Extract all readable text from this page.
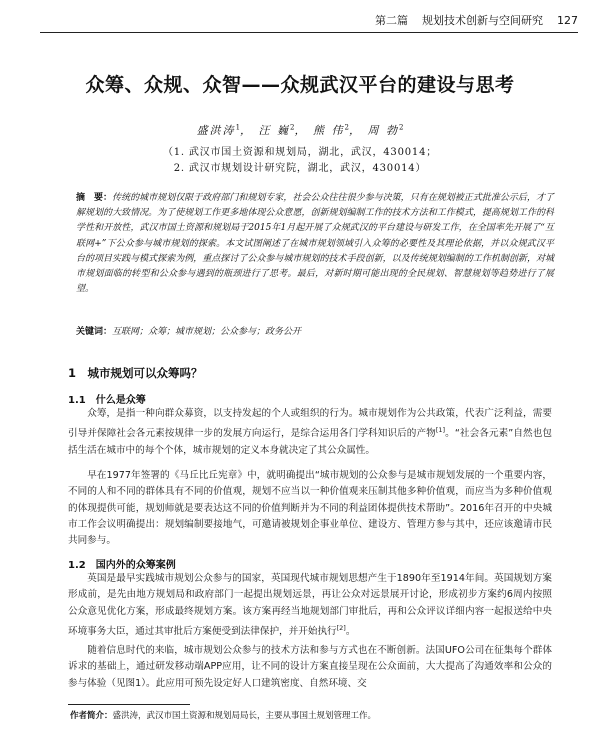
第二篇 规划技术创新与空间研究 127
众筹、众规、众智——众规武汉平台的建设与思考
盛洪涛$^1$， 汪 巍$^2$， 熊 伟$^2$， 周 勃$^2$
（1. 武汉市国土资源和规划局，湖北，武汉，430014；
2. 武汉市规划设计研究院，湖北，武汉，430014）
摘　要：传统的城市规划仅限于政府部门和规划专家，社会公众往往很少参与决策，只有在规划被正式批准公示后，才了解规划的大致情况。为了使规划工作更多地体现公众意愿，创新规划编制工作的技术方法和工作模式，提高规划工作的科学性和开放性，武汉市国土资源和规划局于2015年1月起开展了众规武汉的平台建设与研发工作，在全国率先开展了“互联网+”下公众参与城市规划的探索。本文试图阐述了在城市规划领域引入众筹的必要性及其理论依据，并以众规武汉平台的项目实践与模式探索为例，重点探讨了公众参与城市规划的技术手段创新，以及传统规划编制的工作机制创新，对城市规划面临的转型和公众参与遇到的瓶颈进行了思考。最后，对新时期可能出现的全民规划、智慧规划等趋势进行了展望。
关键词：互联网；众筹；城市规划；公众参与；政务公开
1　城市规划可以众筹吗？
1.1　什么是众筹
众筹，是指一种向群众募资，以支持发起的个人或组织的行为。城市规划作为公共政策，代表广泛利益，需要引导并保障社会各元素按规律一步的发展方向运行，是综合运用各门学科知识后的产物[1]。“社会各元素”自然也包括生活在城市中的每个个体，城市规划的定义本身就决定了其公众属性。
早在1977年签署的《马丘比丘宪章》中，就明确提出“城市规划的公众参与是城市规划发展的一个重要内容，不同的人和不同的群体具有不同的价值观，规划不应当以一种价值观来压制其他多种价值观，而应当为多种价值观的体现提供可能，规划师就是要表达这不同的价值判断并为不同的利益团体提供技术帮助”。2016年召开的中央城市工作会议明确提出：规划编制要接地气，可邀请被规划企事业单位、建设方、管理方参与其中，还应该邀请市民共同参与。
1.2　国内外的众筹案例
英国是最早实践城市规划公众参与的国家，英国现代城市规划思想产生于1890年至1914年间。英国规划方案形成前，是先由地方规划局和政府部门一起提出规划远景，再让公众对远景展开讨论，形成初步方案约6周内按照公众意见优化方案，形成最终规划方案。该方案再经当地规划部门审批后，再和公众评议详细内容一起报送给中央环境事务大臣，通过其审批后方案便受到法律保护，并开始执行[2]。
随着信息时代的来临，城市规划公众参与的技术方法和参与方式也在不断创新。法国UFO公司在征集每个群体诉求的基础上，通过研发移动端APP应用，让不同的设计方案直接呈现在公众面前，大大提高了沟通效率和公众的参与体验（见图1）。此应用可预先设定好人口建筑密度、自然环境、交
作者简介：盛洪涛，武汉市国土资源和规划局局长，主要从事国土规划管理工作。
